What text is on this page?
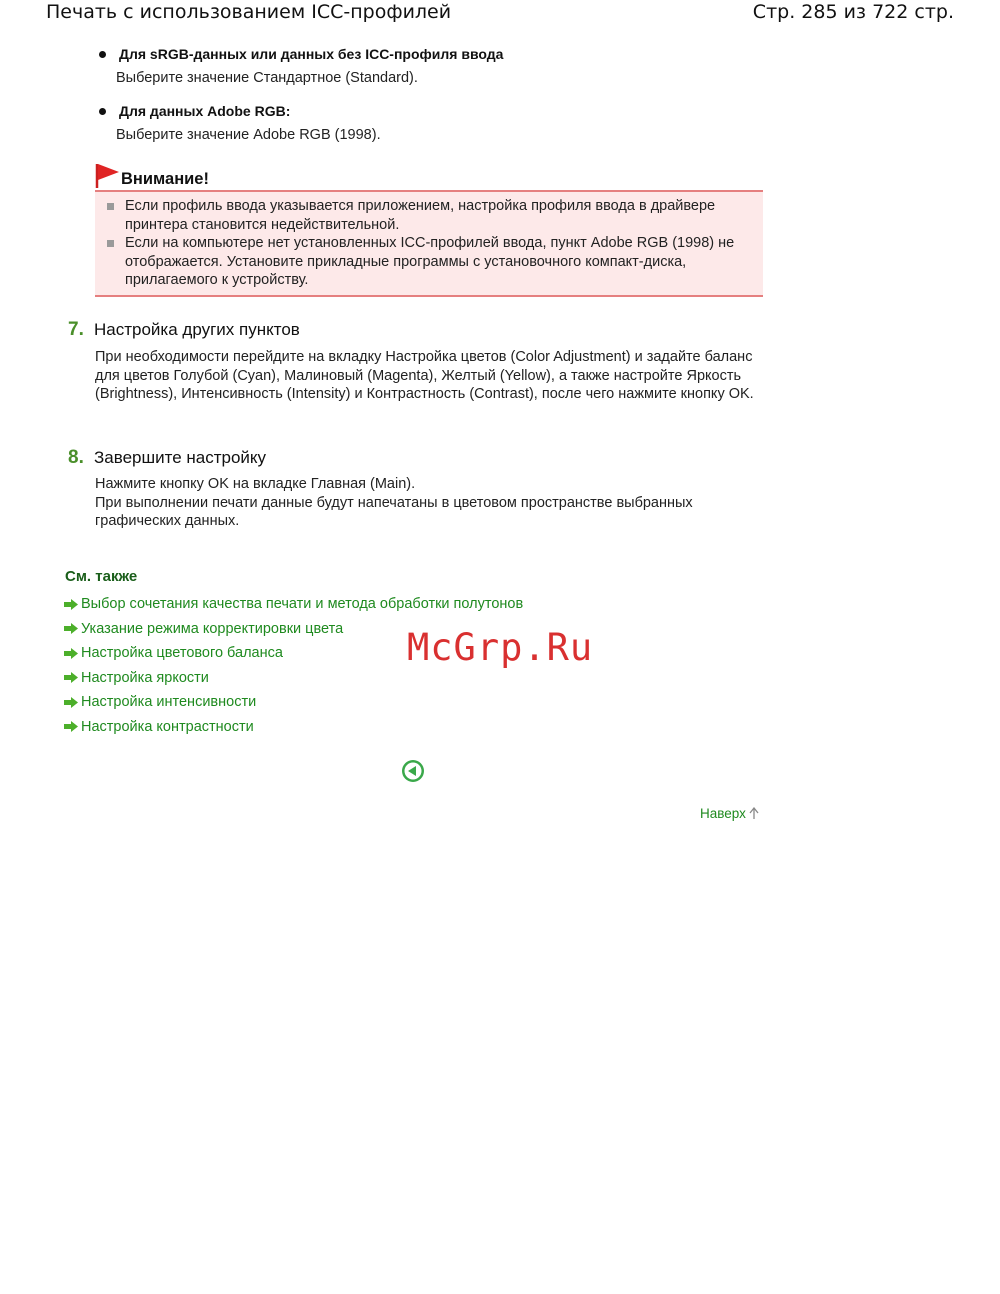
Печать с использованием ICC-профилей	Стр. 285 из 722 стр.
Для sRGB-данных или данных без ICC-профиля ввода
Выберите значение Стандартное (Standard).
Для данных Adobe RGB:
Выберите значение Adobe RGB (1998).
Внимание!
Если профиль ввода указывается приложением, настройка профиля ввода в драйвере принтера становится недействительной.
Если на компьютере нет установленных ICC-профилей ввода, пункт Adobe RGB (1998) не отображается. Установите прикладные программы с установочного компакт-диска, прилагаемого к устройству.
7. Настройка других пунктов
При необходимости перейдите на вкладку Настройка цветов (Color Adjustment) и задайте баланс для цветов Голубой (Cyan), Малиновый (Magenta), Желтый (Yellow), а также настройте Яркость (Brightness), Интенсивность (Intensity) и Контрастность (Contrast), после чего нажмите кнопку OK.
8. Завершите настройку
Нажмите кнопку OK на вкладке Главная (Main).
При выполнении печати данные будут напечатаны в цветовом пространстве выбранных графических данных.
См. также
Выбор сочетания качества печати и метода обработки полутонов
Указание режима корректировки цвета
Настройка цветового баланса
Настройка яркости
Настройка интенсивности
Настройка контрастности
McGrp.Ru
Наверх
